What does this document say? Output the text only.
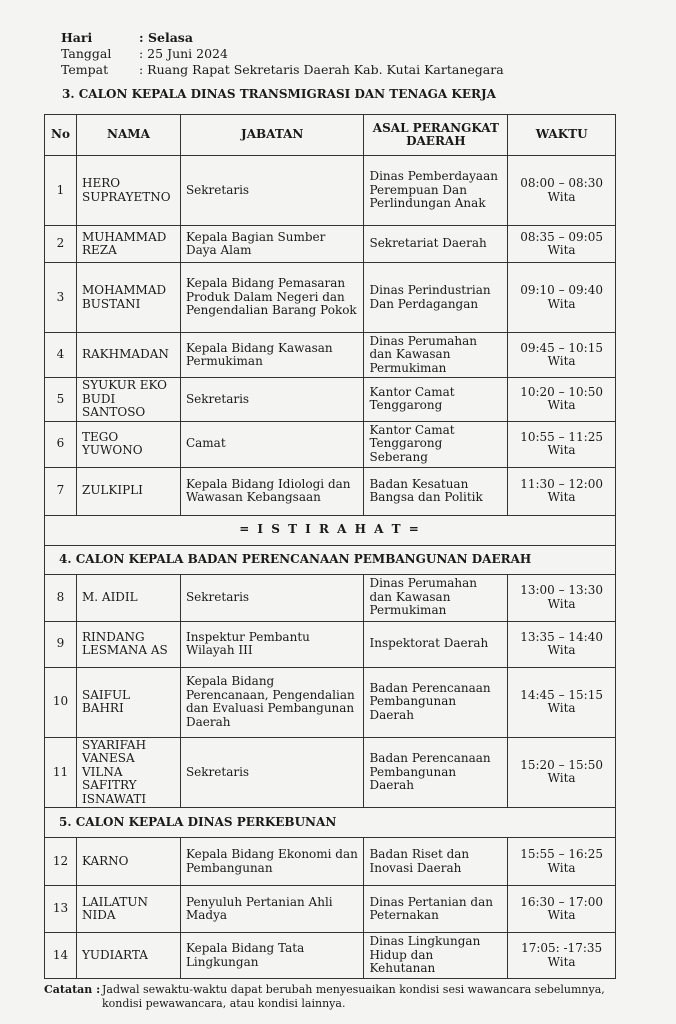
Hari	: Selasa
Tanggal	: 25 Juni 2024
Tempat	: Ruang Rapat Sekretaris Daerah Kab. Kutai Kartanegara
3. CALON KEPALA DINAS TRANSMIGRASI DAN TENAGA KERJA
No	NAMA	JABATAN	ASAL PERANGKAT DAERAH	WAKTU
1	HERO SUPRAYETNO	Sekretaris	Dinas Pemberdayaan Perempuan Dan Perlindungan Anak	08:00 – 08:30 Wita
2	MUHAMMAD REZA	Kepala Bagian Sumber Daya Alam	Sekretariat Daerah	08:35 – 09:05 Wita
3	MOHAMMAD BUSTANI	Kepala Bidang Pemasaran Produk Dalam Negeri dan Pengendalian Barang Pokok	Dinas Perindustrian Dan Perdagangan	09:10 – 09:40 Wita
4	RAKHMADAN	Kepala Bidang Kawasan Permukiman	Dinas Perumahan dan Kawasan Permukiman	09:45 – 10:15 Wita
5	SYUKUR EKO BUDI SANTOSO	Sekretaris	Kantor Camat Tenggarong	10:20 – 10:50 Wita
6	TEGO YUWONO	Camat	Kantor Camat Tenggarong Seberang	10:55 – 11:25 Wita
7	ZULKIPLI	Kepala Bidang Idiologi dan Wawasan Kebangsaan	Badan Kesatuan Bangsa dan Politik	11:30 – 12:00 Wita
= I S T I R A H A T =				
4. CALON KEPALA BADAN PERENCANAAN PEMBANGUNAN DAERAH				
8	M. AIDIL	Sekretaris	Dinas Perumahan dan Kawasan Permukiman	13:00 – 13:30 Wita
9	RINDANG LESMANA AS	Inspektur Pembantu Wilayah III	Inspektorat Daerah	13:35 – 14:40 Wita
10	SAIFUL BAHRI	Kepala Bidang Perencanaan, Pengendalian dan Evaluasi Pembangunan Daerah	Badan Perencanaan Pembangunan Daerah	14:45 – 15:15 Wita
11	SYARIFAH VANESA VILNA SAFITRY ISNAWATI	Sekretaris	Badan Perencanaan Pembangunan Daerah	15:20 – 15:50 Wita
5. CALON KEPALA DINAS PERKEBUNAN				
12	KARNO	Kepala Bidang Ekonomi dan Pembangunan	Badan Riset dan Inovasi Daerah	15:55 – 16:25 Wita
13	LAILATUN NIDA	Penyuluh Pertanian Ahli Madya	Dinas Pertanian dan Peternakan	16:30 – 17:00 Wita
14	YUDIARTA	Kepala Bidang Tata Lingkungan	Dinas Lingkungan Hidup dan Kehutanan	17:05: -17:35 Wita
Catatan : Jadwal sewaktu-waktu dapat berubah menyesuaikan kondisi sesi wawancara sebelumnya, kondisi pewawancara, atau kondisi lainnya.
